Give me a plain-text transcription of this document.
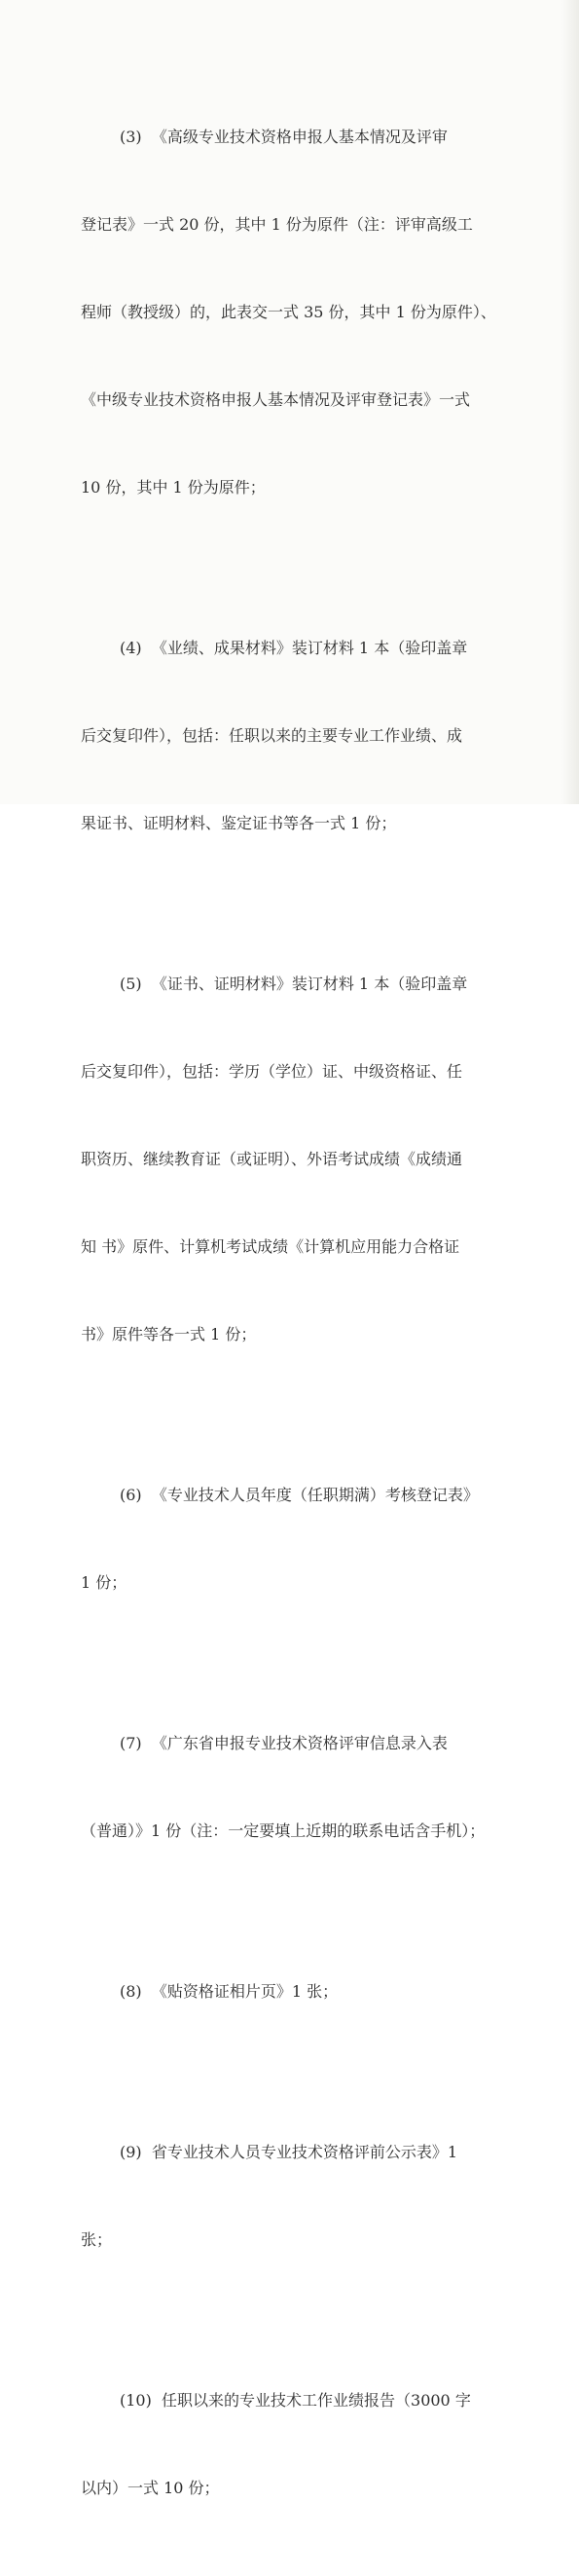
(3) 《高级专业技术资格申报人基本情况及评审

登记表》一式 20 份，其中 1 份为原件（注：评审高级工

程师（教授级）的，此表交一式 35 份，其中 1 份为原件）、

《中级专业技术资格申报人基本情况及评审登记表》一式

10 份，其中 1 份为原件；

(4) 《业绩、成果材料》装订材料 1 本（验印盖章

后交复印件），包括：任职以来的主要专业工作业绩、成

果证书、证明材料、鉴定证书等各一式 1 份；

(5) 《证书、证明材料》装订材料 1 本（验印盖章

后交复印件），包括：学历（学位）证、中级资格证、任

职资历、继续教育证（或证明）、外语考试成绩《成绩通

知 书》原件、计算机考试成绩《计算机应用能力合格证

书》原件等各一式 1 份；

(6) 《专业技术人员年度（任职期满）考核登记表》

1 份；

(7) 《广东省申报专业技术资格评审信息录入表

（普通）》1 份（注：一定要填上近期的联系电话含手机）；

(8) 《贴资格证相片页》1 张；

(9) 省专业技术人员专业技术资格评前公示表》1

张；

(10) 任职以来的专业技术工作业绩报告（3000 字

以内）一式 10 份；
